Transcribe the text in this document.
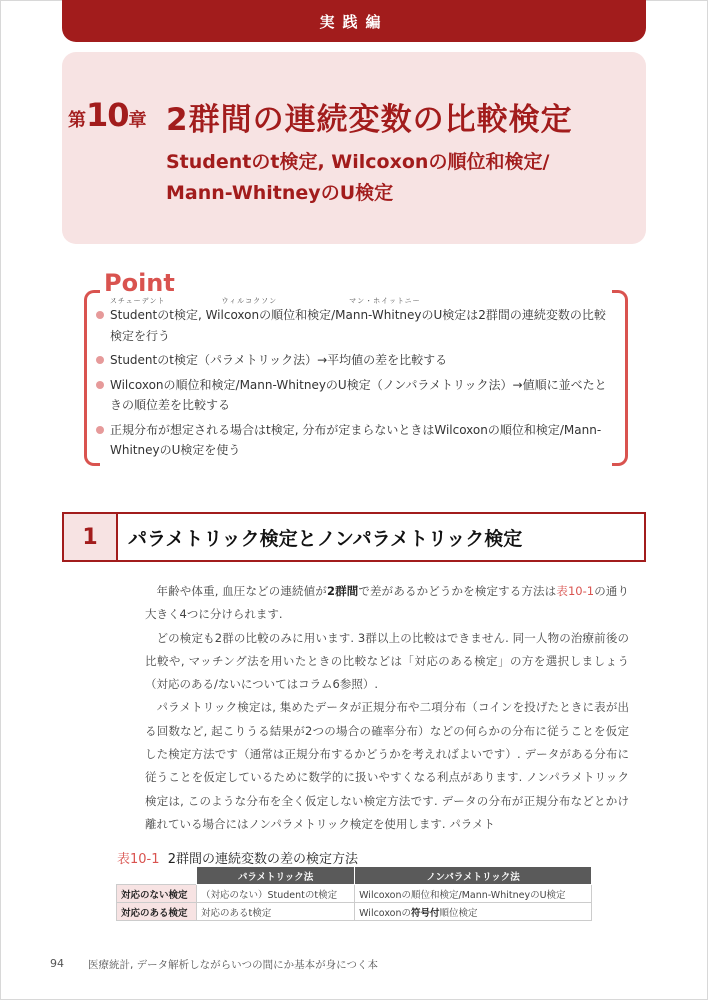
実践編
第10章 2群間の連続変数の比較検定
Studentのt検定, Wilcoxonの順位和検定/
Mann-WhitneyのU検定
Point
スチューデント　　　　　　　ウィルコクソン　　　　　　　　　マン・ホイットニー
Studentのt検定, Wilcoxonの順位和検定/Mann-WhitneyのU検定は2群間の連続変数の比較検定を行う
Studentのt検定（パラメトリック法）→平均値の差を比較する
Wilcoxonの順位和検定/Mann-WhitneyのU検定（ノンパラメトリック法）→値順に並べたときの順位差を比較する
正規分布が想定される場合はt検定, 分布が定まらないときはWilcoxonの順位和検定/Mann-WhitneyのU検定を使う
1	パラメトリック検定とノンパラメトリック検定

年齢や体重, 血圧などの連続値が2群間で差があるかどうかを検定する方法は表10-1の通り大きく4つに分けられます.

どの検定も2群の比較のみに用います. 3群以上の比較はできません. 同一人物の治療前後の比較や, マッチング法を用いたときの比較などは「対応のある検定」の方を選択しましょう（対応のある/ないについてはコラム6参照）.

パラメトリック検定は, 集めたデータが正規分布や二項分布（コインを投げたときに表が出る回数など, 起こりうる結果が2つの場合の確率分布）などの何らかの分布に従うことを仮定した検定方法です（通常は正規分布するかどうかを考えればよいです）. データがある分布に従うことを仮定しているために数学的に扱いやすくなる利点があります. ノンパラメトリック検定は, このような分布を全く仮定しない検定方法です. データの分布が正規分布などとかけ離れている場合にはノンパラメトリック検定を使用します. パラメト

表10-1 2群間の連続変数の差の検定方法
	パラメトリック法	ノンパラメトリック法
対応のない検定	（対応のない）Studentのt検定	Wilcoxonの順位和検定/Mann-WhitneyのU検定
対応のある検定	対応のあるt検定	Wilcoxonの符号付順位検定
94 医療統計, データ解析しながらいつの間にか基本が身につく本
